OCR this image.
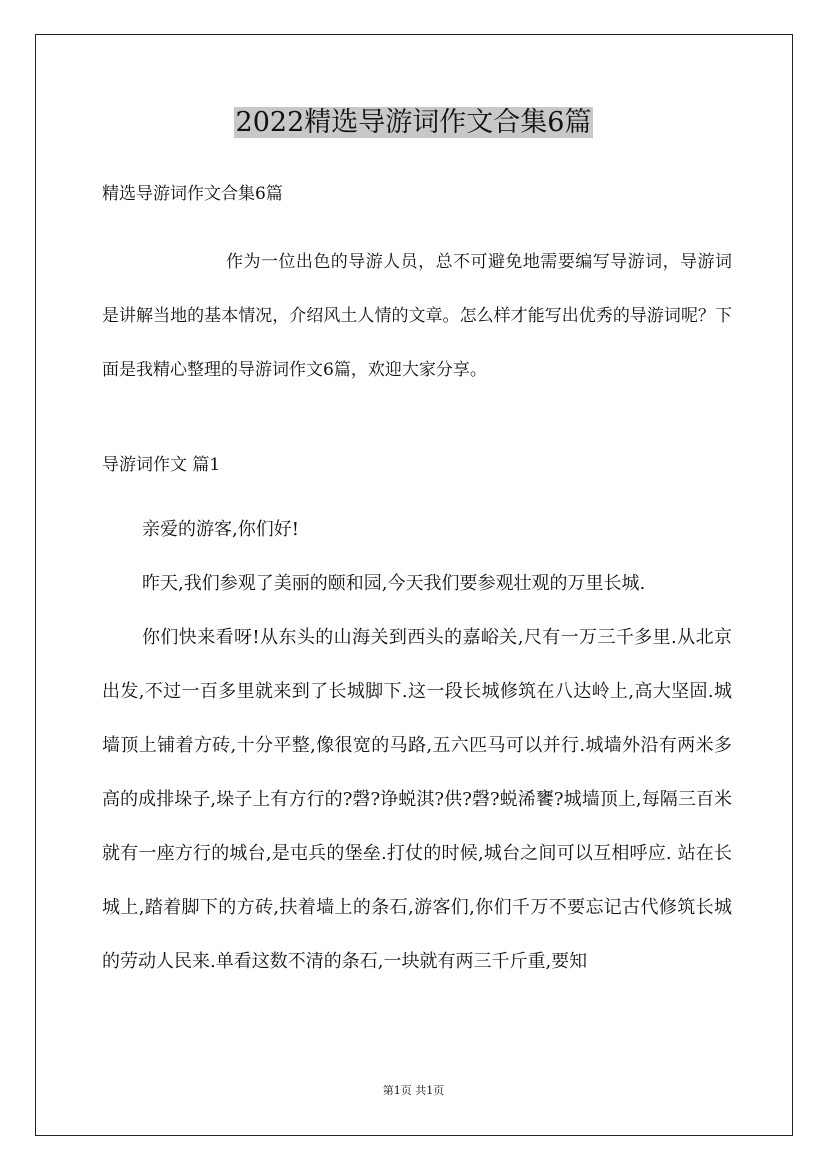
2022精选导游词作文合集6篇

精选导游词作文合集6篇

作为一位出色的导游人员，总不可避免地需要编写导游词，导游词是讲解当地的基本情况，介绍风土人情的文章。怎么样才能写出优秀的导游词呢？下面是我精心整理的导游词作文6篇，欢迎大家分享。

导游词作文 篇1

亲爱的游客,你们好!

昨天,我们参观了美丽的颐和园,今天我们要参观壮观的万里长城.

你们快来看呀!从东头的山海关到西头的嘉峪关,尺有一万三千多里.从北京出发,不过一百多里就来到了长城脚下.这一段长城修筑在八达岭上,高大坚固.城墙顶上铺着方砖,十分平整,像很宽的马路,五六匹马可以并行.城墙外沿有两米多高的成排垛子,垛子上有方行的?磬?诤蜕淇?供?磬?蜕浠饔?城墙顶上,每隔三百米就有一座方行的城台,是屯兵的堡垒.打仗的时候,城台之间可以互相呼应. 站在长城上,踏着脚下的方砖,扶着墙上的条石,游客们,你们千万不要忘记古代修筑长城的劳动人民来.单看这数不清的条石,一块就有两三千斤重,要知

第1页 共1页
